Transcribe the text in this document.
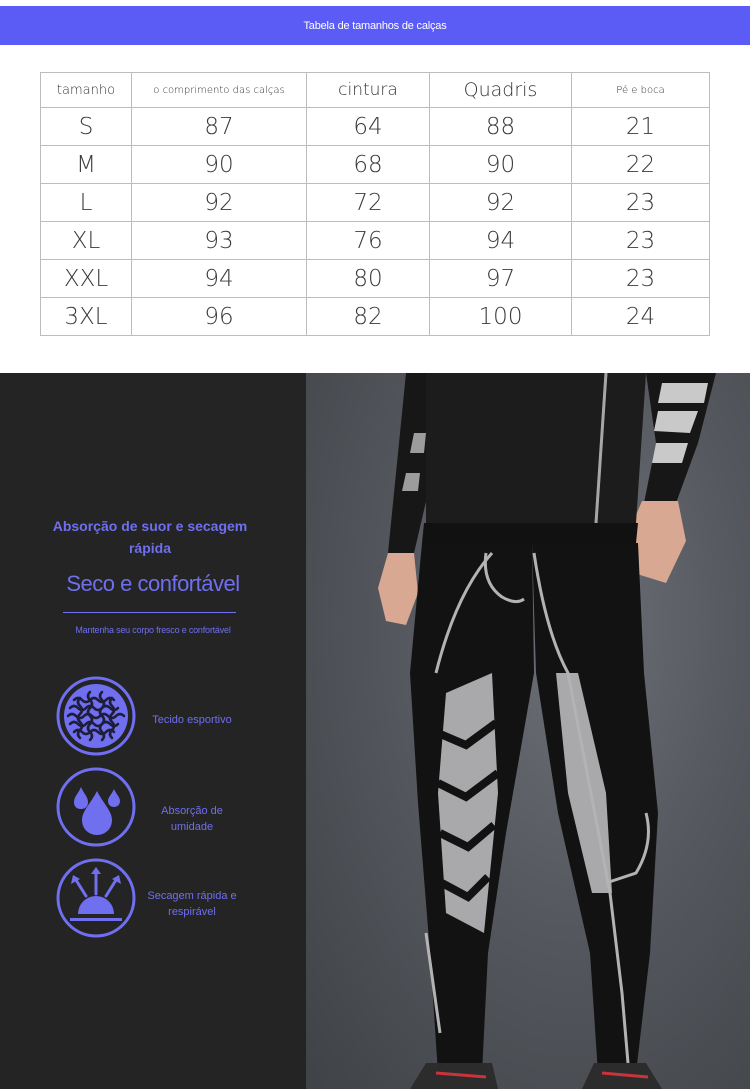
Tabela de tamanhos de calças
tamanho	o comprimento das calças	cintura	Quadris	Pé e boca
S	87	64	88	21
M	90	68	90	22
L	92	72	92	23
XL	93	76	94	23
XXL	94	80	97	23
3XL	96	82	100	24
Absorção de suor e secagem rápida
Seco e confortável
Mantenha seu corpo fresco e confortável
Tecido esportivo
Absorção de umidade
Secagem rápida e respirável
